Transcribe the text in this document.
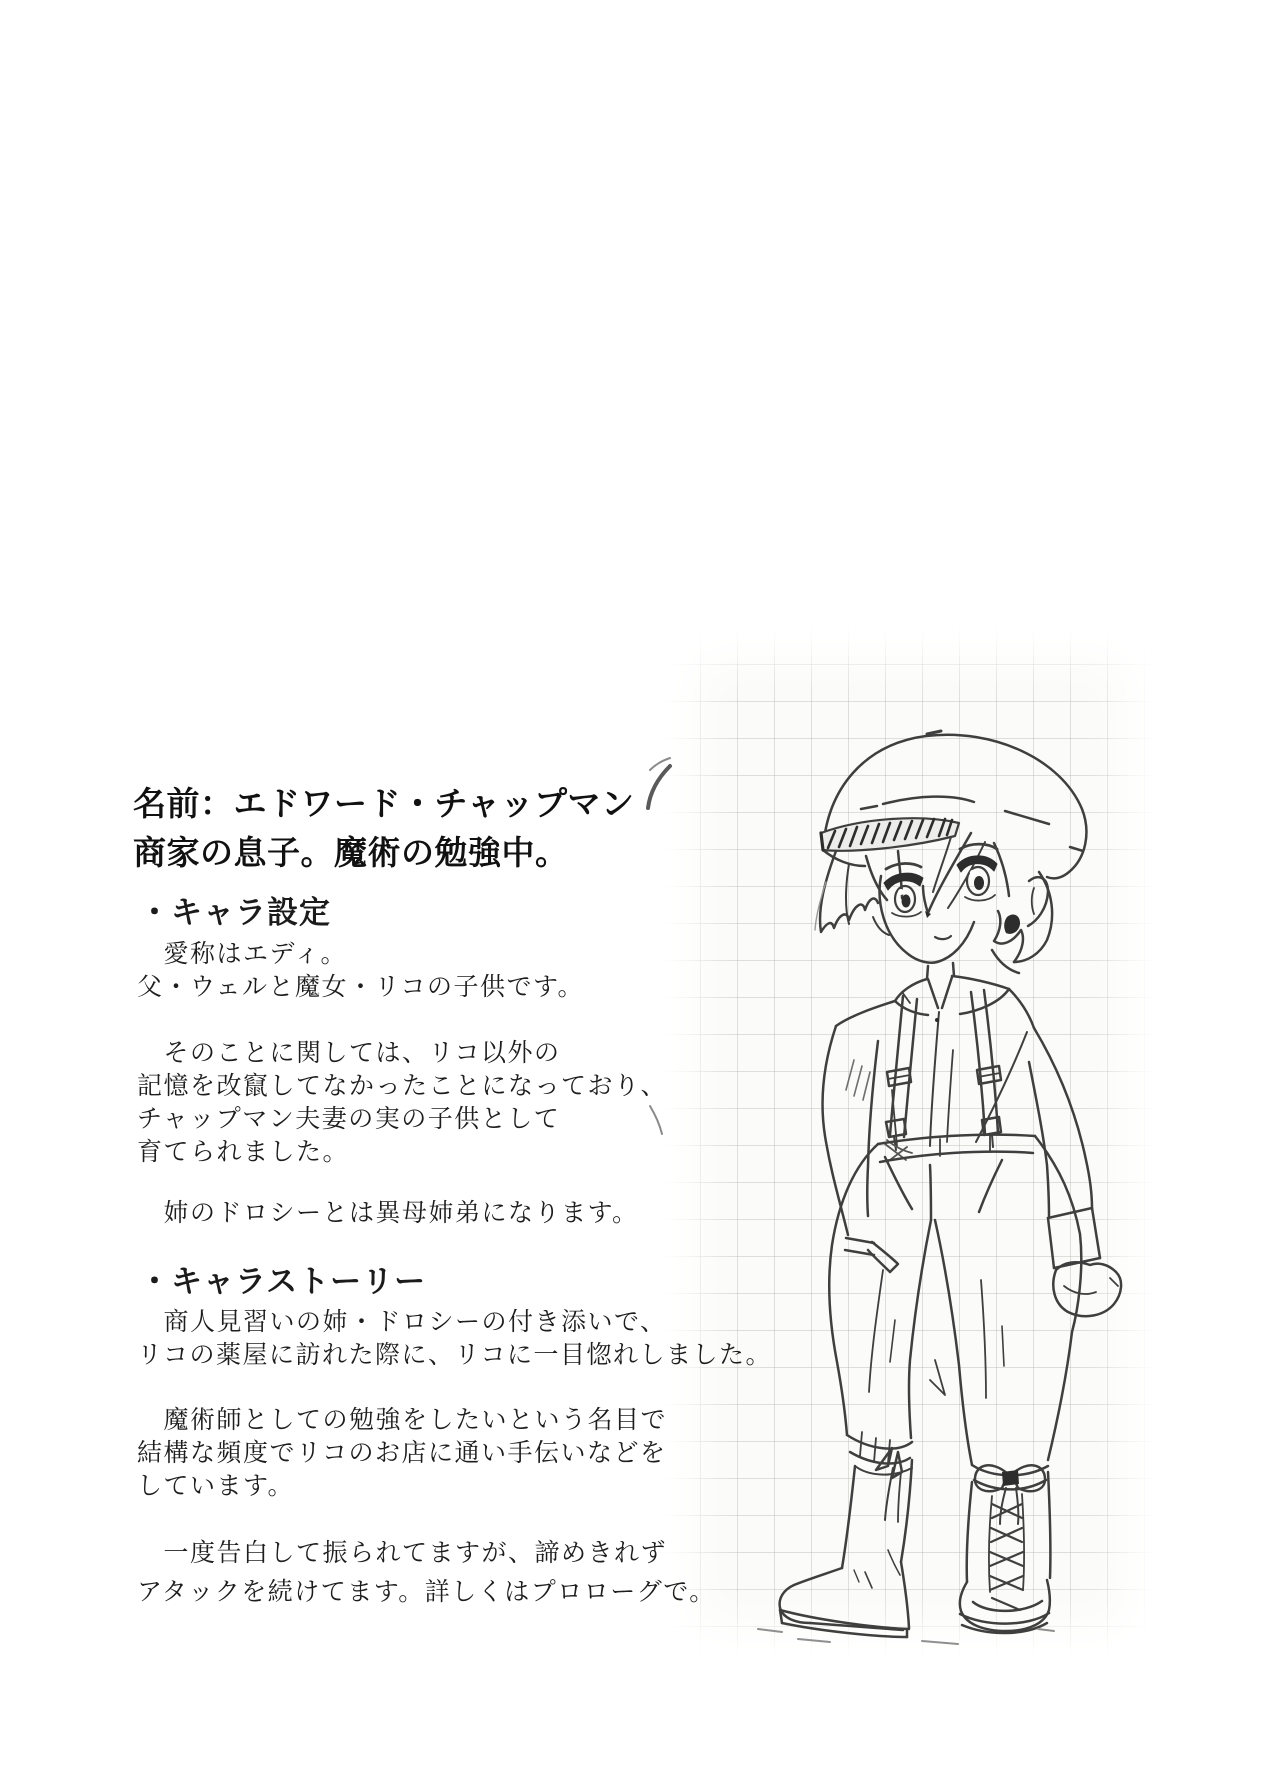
名前：エドワード・チャップマン
商家の息子。魔術の勉強中。
・キャラ設定

　愛称はエディ。
父・ウェルと魔女・リコの子供です。

　そのことに関しては、リコ以外の
記憶を改竄してなかったことになっており、
チャップマン夫妻の実の子供として
育てられました。

　姉のドロシーとは異母姉弟になります。

・キャラストーリー

　商人見習いの姉・ドロシーの付き添いで、
リコの薬屋に訪れた際に、リコに一目惚れしました。

　魔術師としての勉強をしたいという名目で
結構な頻度でリコのお店に通い手伝いなどを
しています。

　一度告白して振られてますが、諦めきれず
アタックを続けてます。詳しくはプロローグで。
